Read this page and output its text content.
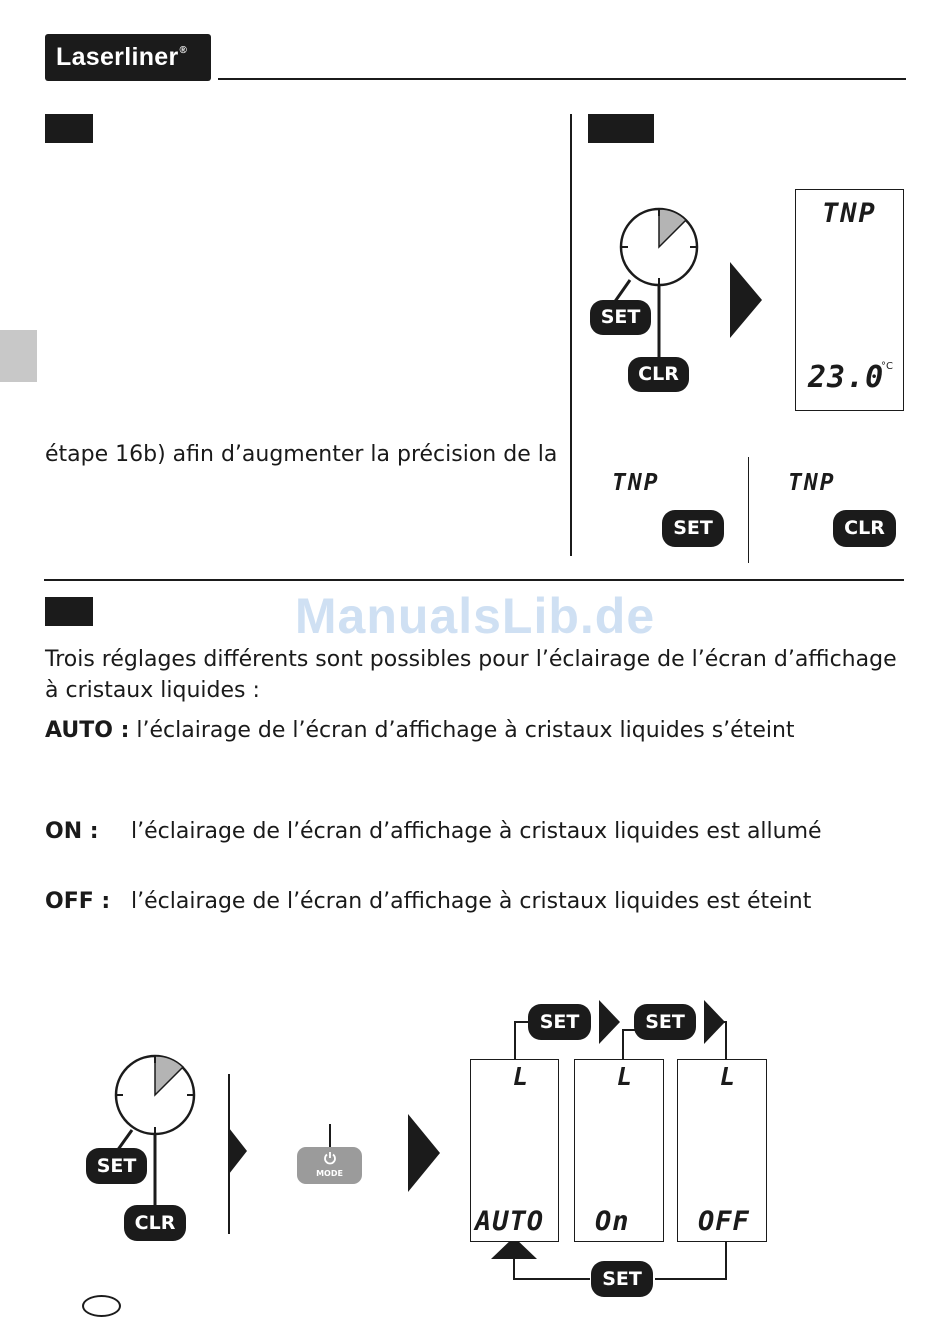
Laserliner®
étape 16b) afin d’augmenter la précision de la
SET
CLR
TNP
23.0
°C
TNP
SET
TNP
CLR
ManualsLib.de
Trois réglages différents sont possibles pour l’éclairage de l’écran d’affichage
à cristaux liquides :
AUTO : l’éclairage de l’écran d’affichage à cristaux liquides s’éteint
ON : l’éclairage de l’écran d’affichage à cristaux liquides est allumé
OFF : l’éclairage de l’écran d’affichage à cristaux liquides est éteint
SET
CLR
MODE
SET	SET
SET
L
AUTO
L
On
L
OFF
